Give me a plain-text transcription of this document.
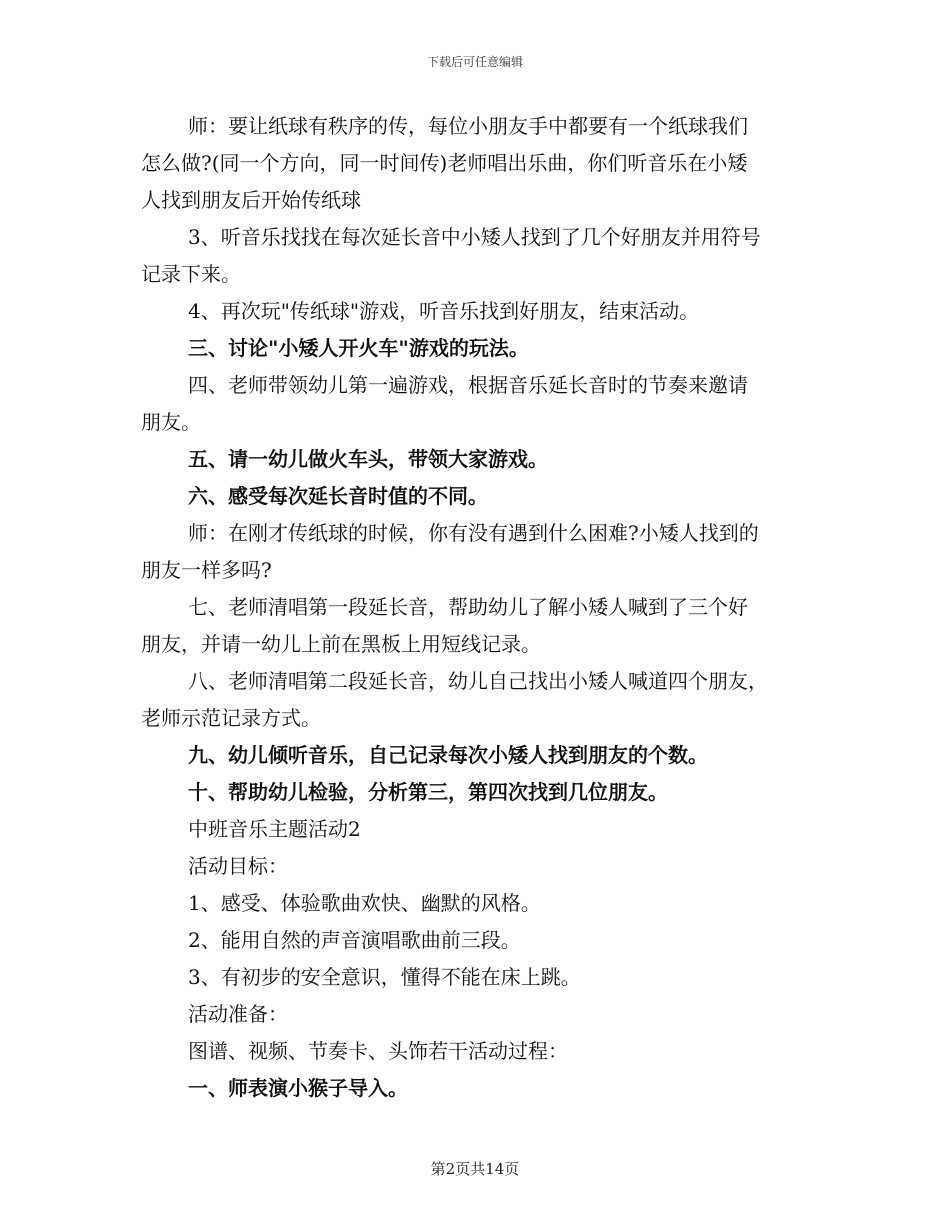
下载后可任意编辑

师：要让纸球有秩序的传，每位小朋友手中都要有一个纸球我们
怎么做?(同一个方向，同一时间传)老师唱出乐曲，你们听音乐在小矮
人找到朋友后开始传纸球

3、听音乐找找在每次延长音中小矮人找到了几个好朋友并用符号
记录下来。

4、再次玩"传纸球"游戏，听音乐找到好朋友，结束活动。

三、讨论"小矮人开火车"游戏的玩法。

四、老师带领幼儿第一遍游戏，根据音乐延长音时的节奏来邀请
朋友。

五、请一幼儿做火车头，带领大家游戏。

六、感受每次延长音时值的不同。

师：在刚才传纸球的时候，你有没有遇到什么困难?小矮人找到的
朋友一样多吗?

七、老师清唱第一段延长音，帮助幼儿了解小矮人喊到了三个好
朋友，并请一幼儿上前在黑板上用短线记录。

八、老师清唱第二段延长音，幼儿自己找出小矮人喊道四个朋友，
老师示范记录方式。

九、幼儿倾听音乐，自己记录每次小矮人找到朋友的个数。

十、帮助幼儿检验，分析第三，第四次找到几位朋友。

中班音乐主题活动2

活动目标：

1、感受、体验歌曲欢快、幽默的风格。

2、能用自然的声音演唱歌曲前三段。

3、有初步的安全意识，懂得不能在床上跳。

活动准备：

图谱、视频、节奏卡、头饰若干活动过程：

一、师表演小猴子导入。

第2页共14页
